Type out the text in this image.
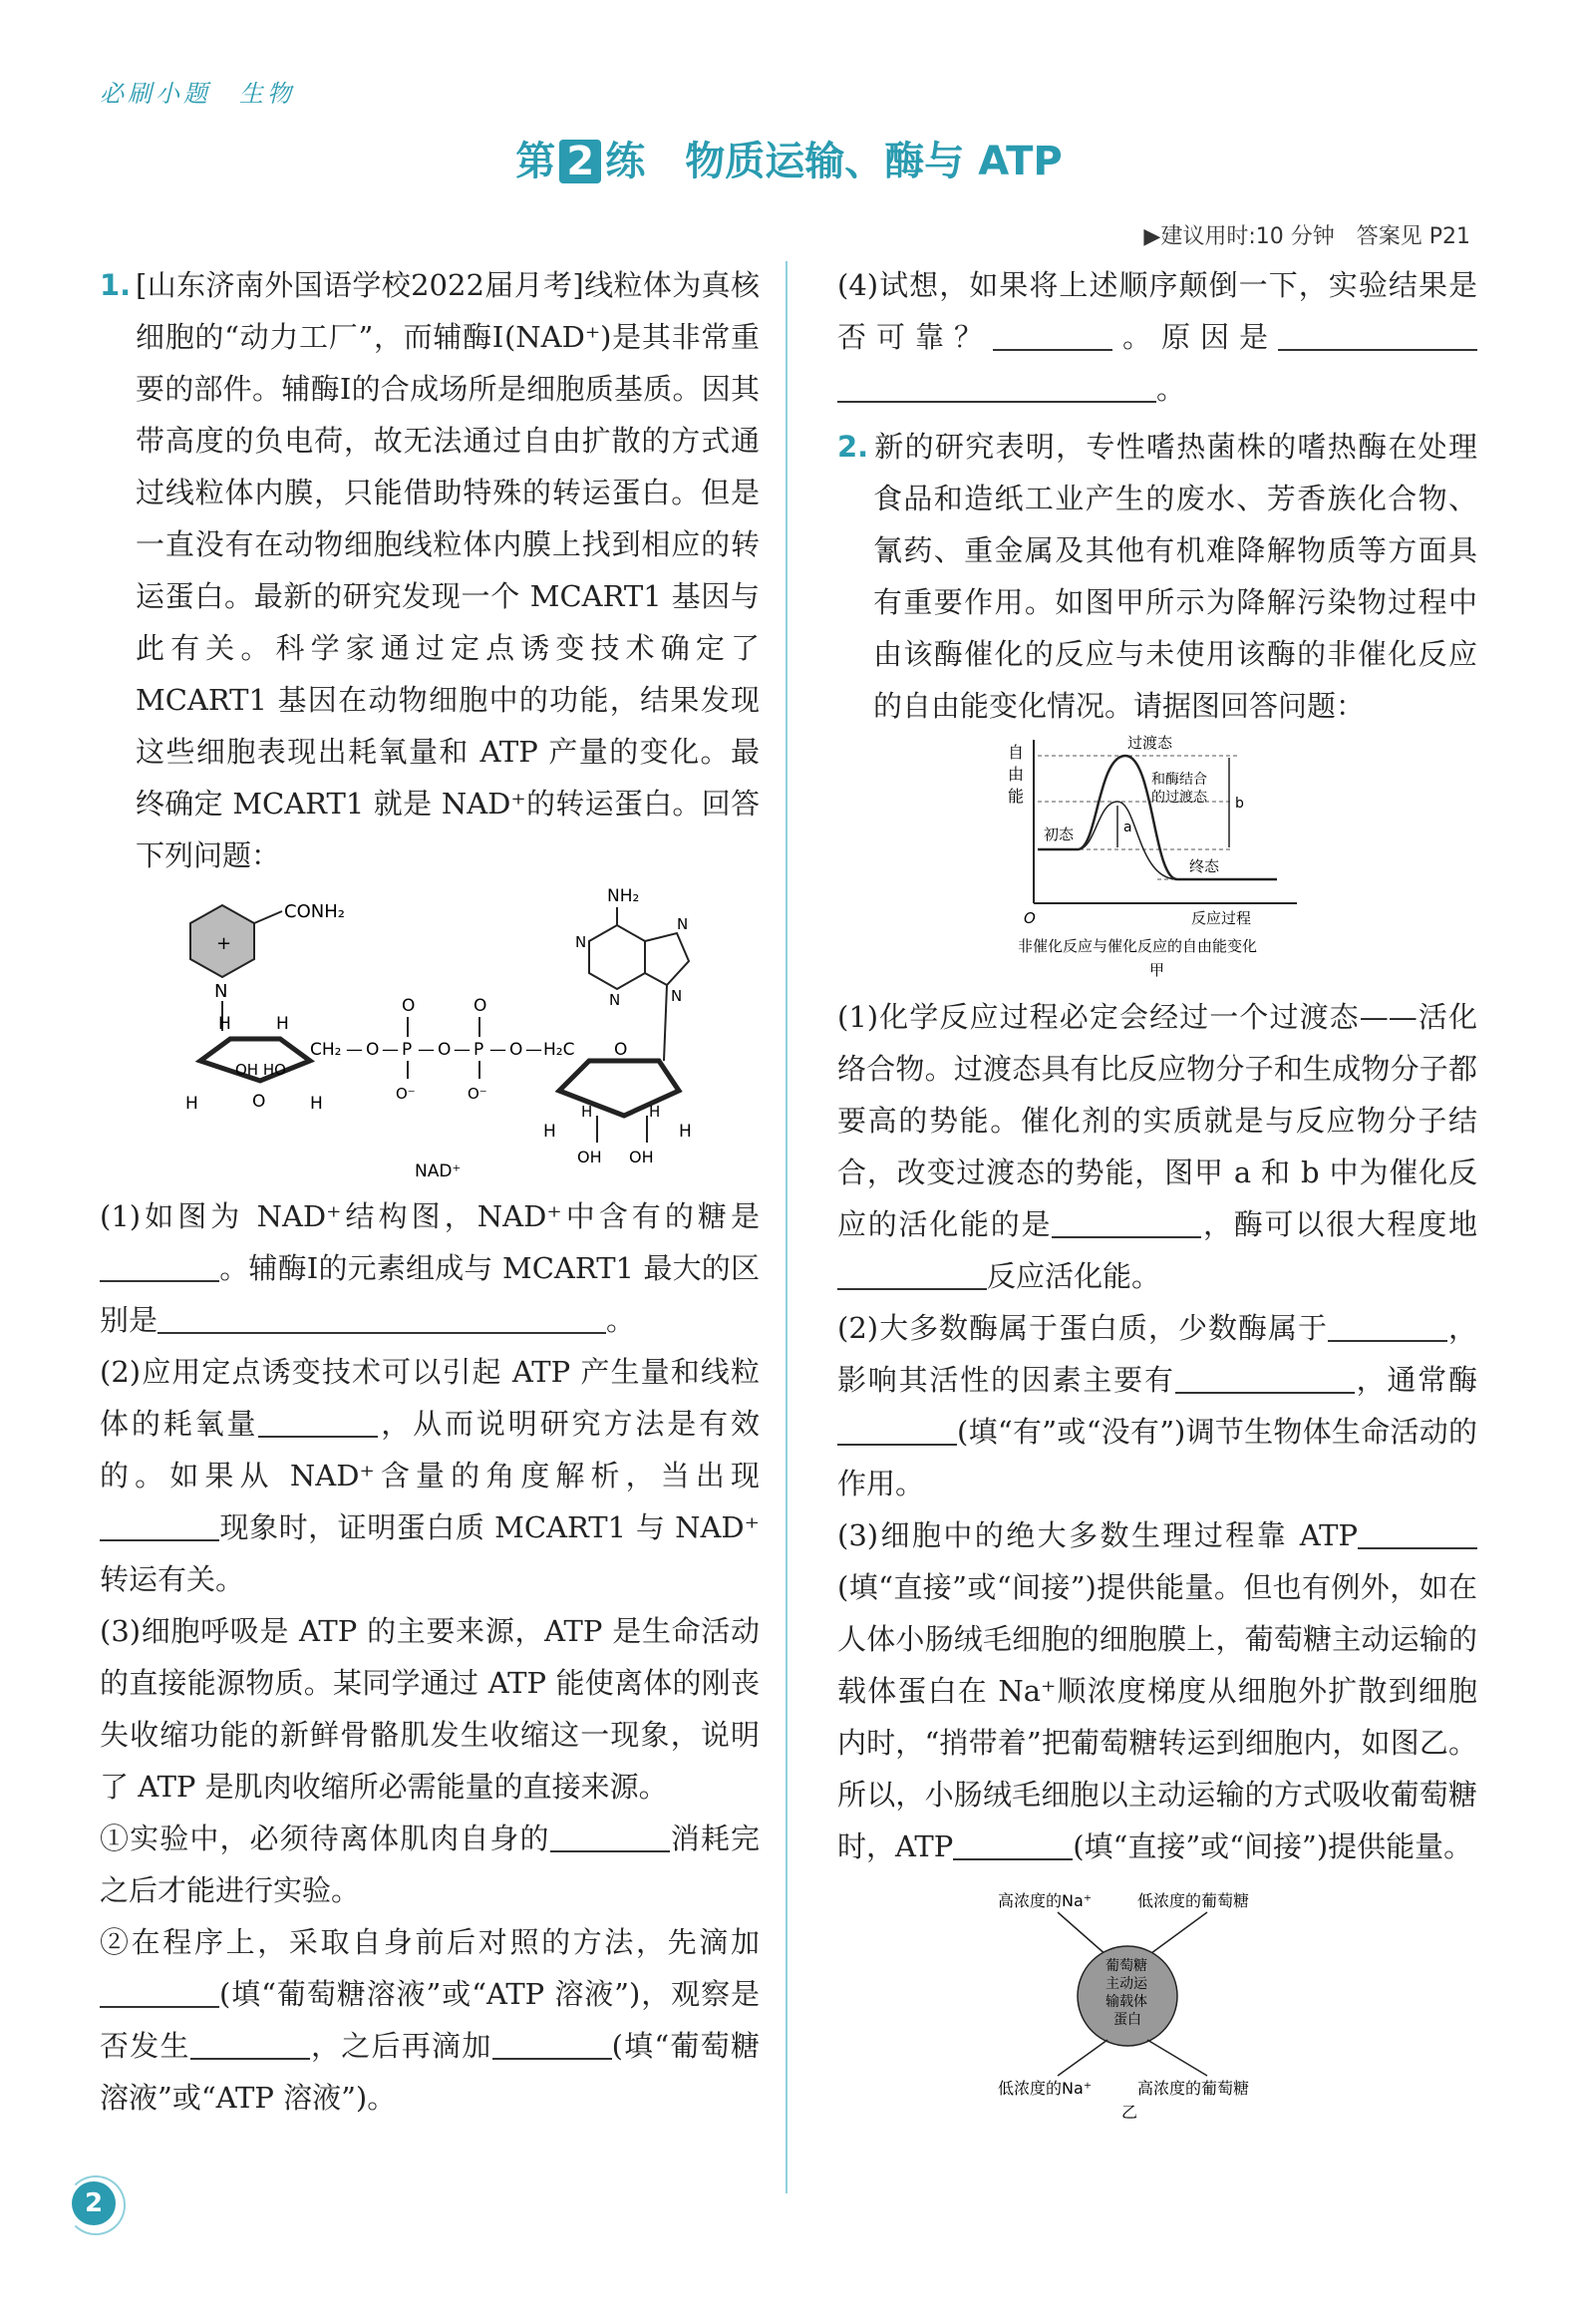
必刷小题　生物
第 2 练　物质运输、酶与 ATP
▶建议用时:10 分钟　答案见 P21
1. [山东济南外国语学校2022届月考]线粒体为真核细胞的“动力工厂”，而辅酶Ⅰ(NAD⁺)是其非常重要的部件。辅酶Ⅰ的合成场所是细胞质基质。因其带高度的负电荷，故无法通过自由扩散的方式通过线粒体内膜，只能借助特殊的转运蛋白。但是一直没有在动物细胞线粒体内膜上找到相应的转运蛋白。最新的研究发现一个 MCART1 基因与此有关。科学家通过定点诱变技术确定了 MCART1 基因在动物细胞中的功能，结果发现这些细胞表现出耗氧量和 ATP 产量的变化。最终确定 MCART1 就是 NAD⁺的转运蛋白。回答下列问题：
+
CONH₂
N
OH HO
H	H
H	O	H
CH₂ — O — P
O
O⁻
— O — P
O
O⁻
— O — H₂C O
H	H
H	H
OH OH
NH₂
N
N
N
N
NAD⁺

(1)如图为 NAD⁺结构图，NAD⁺中含有的糖是。辅酶Ⅰ的元素组成与 MCART1 最大的区别是	。

(2)应用定点诱变技术可以引起 ATP 产生量和线粒体的耗氧量	，从而说明研究方法是有效的。如果从 NAD⁺含量的角度解析，当出现现象时，证明蛋白质 MCART1 与 NAD⁺转运有关。

(3)细胞呼吸是 ATP 的主要来源，ATP 是生命活动的直接能源物质。某同学通过 ATP 能使离体的刚丧失收缩功能的新鲜骨骼肌发生收缩这一现象，说明了 ATP 是肌肉收缩所必需能量的直接来源。

①实验中，必须待离体肌肉自身的	消耗完之后才能进行实验。

②在程序上，采取自身前后对照的方法，先滴加(填“葡萄糖溶液”或“ATP 溶液”)，观察是否发生	，之后再滴加	(填“葡萄糖溶液”或“ATP 溶液”)。

(4)试想，如果将上述顺序颠倒一下，实验结果是否可靠？	。原因是。

2. 新的研究表明，专性嗜热菌株的嗜热酶在处理食品和造纸工业产生的废水、芳香族化合物、氰药、重金属及其他有机难降解物质等方面具有重要作用。如图甲所示为降解污染物过程中由该酶催化的反应与未使用该酶的非催化反应的自由能变化情况。请据图回答问题：
自
由
能
O	反应过程
过渡态
和酶结合
的过渡态
初态
终态
a
b
非催化反应与催化反应的自由能变化
甲

(1)化学反应过程必定会经过一个过渡态——活化络合物。过渡态具有比反应物分子和生成物分子都要高的势能。催化剂的实质就是与反应物分子结合，改变过渡态的势能，图甲 a 和 b 中为催化反应的活化能的是	，酶可以很大程度地反应活化能。

(2)大多数酶属于蛋白质，少数酶属于	，影响其活性的因素主要有	，通常酶(填“有”或“没有”)调节生物体生命活动的作用。

(3)细胞中的绝大多数生理过程靠 ATP(填“直接”或“间接”)提供能量。但也有例外，如在人体小肠绒毛细胞的细胞膜上，葡萄糖主动运输的载体蛋白在 Na⁺顺浓度梯度从细胞外扩散到细胞内时，“捎带着”把葡萄糖转运到细胞内，如图乙。所以，小肠绒毛细胞以主动运输的方式吸收葡萄糖时，ATP	(填“直接”或“间接”)提供能量。

高浓度的Na⁺	低浓度的葡萄糖
葡萄糖
主动运
输载体
蛋白
低浓度的Na⁺	高浓度的葡萄糖
乙
2
